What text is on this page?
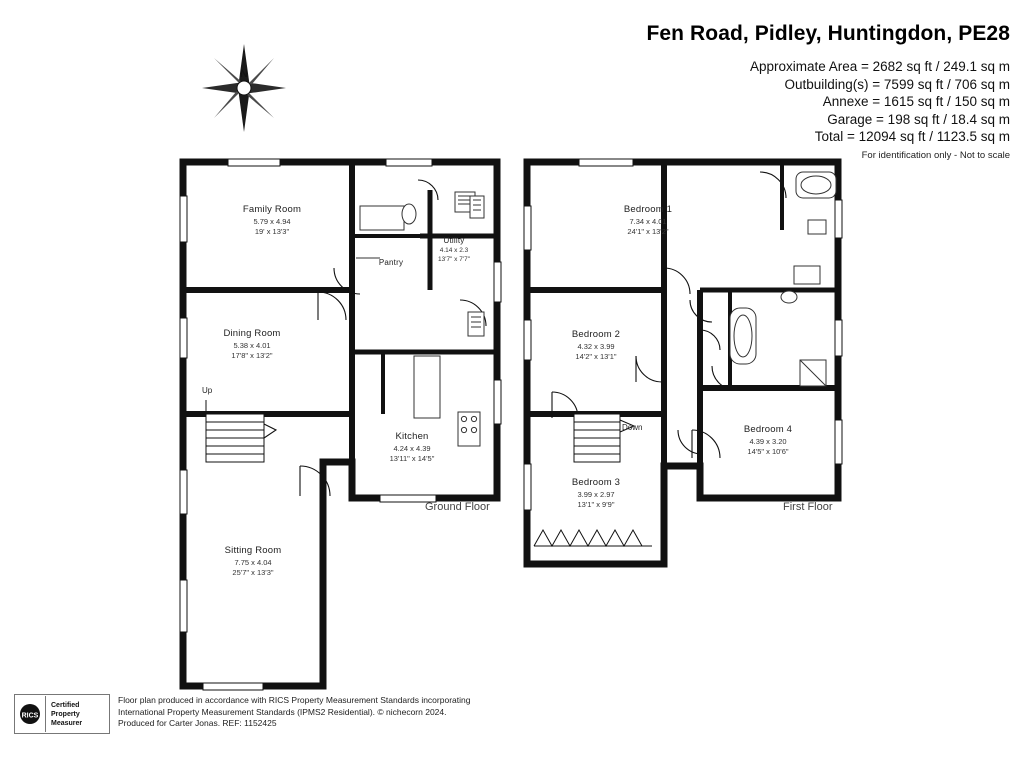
Fen Road, Pidley, Huntingdon, PE28
Approximate Area = 2682 sq ft / 249.1 sq m
Outbuilding(s) = 7599 sq ft / 706 sq m
Annexe = 1615 sq ft / 150 sq m
Garage = 198 sq ft / 18.4 sq m
Total = 12094 sq ft / 1123.5 sq m
For identification only - Not to scale
N
Family Room
5.79 x 4.94
19' x 13'3"
Utility
4.14 x 2.3
13'7" x 7'7"
Pantry
Dining Room
5.38 x 4.01
17'8" x 13'2"
Kitchen
4.24 x 4.39
13'11" x 14'5"
Sitting Room
7.75 x 4.04
25'7" x 13'3"
Bedroom 1
7.34 x 4.01
24'1" x 13'2"
Bedroom 2
4.32 x 3.99
14'2" x 13'1"
Bedroom 3
3.99 x 2.97
13'1" x 9'9"
Bedroom 4
4.39 x 3.20
14'5" x 10'6"
Up
Down
Ground Floor	First Floor
RICS
Certified
Property
Measurer
Floor plan produced in accordance with RICS Property Measurement Standards incorporating
International Property Measurement Standards (IPMS2 Residential). © nichecorn 2024.
Produced for Carter Jonas. REF: 1152425
